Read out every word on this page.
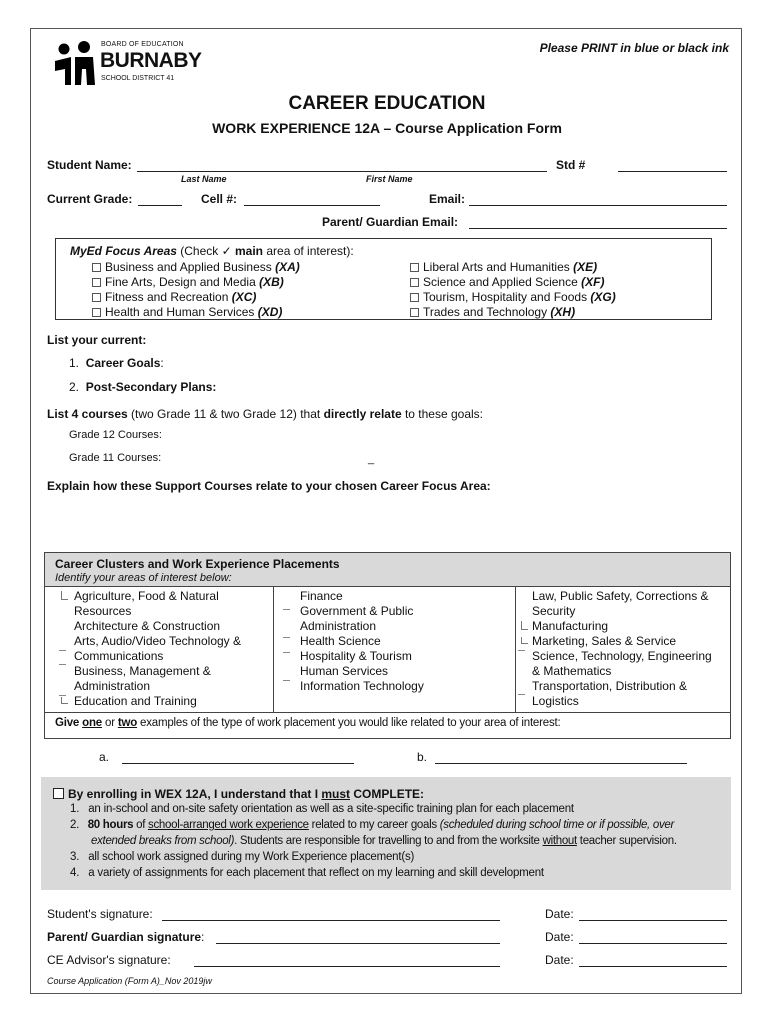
BOARD OF EDUCATION
BURNABY
SCHOOL DISTRICT 41
Please PRINT in blue or black ink
CAREER EDUCATION
WORK EXPERIENCE 12A – Course Application Form
Student Name:
Last Name	First Name
Std #
Current Grade:	Cell #:	Email:
Parent/ Guardian Email:
MyEd Focus Areas (Check ✓ main area of interest):
Business and Applied Business (XA)
Fine Arts, Design and Media (XB)
Fitness and Recreation (XC)
Health and Human Services (XD)
Liberal Arts and Humanities (XE)
Science and Applied Science (XF)
Tourism, Hospitality and Foods (XG)
Trades and Technology (XH)
List your current:
1. Career Goals:
2. Post-Secondary Plans:
List 4 courses (two Grade 11 & two Grade 12) that directly relate to these goals:
Grade 12 Courses:
Grade 11 Courses:	_
Explain how these Support Courses relate to your chosen Career Focus Area:
Career Clusters and Work Experience Placements
Identify your areas of interest below:
Agriculture, Food & Natural
Resources
Architecture & Construction
Arts, Audio/Video Technology &
Communications
Business, Management &
Administration
Education and Training
Finance
Government & Public
Administration
Health Science
Hospitality & Tourism
Human Services
Information Technology
Law, Public Safety, Corrections &
Security
Manufacturing
Marketing, Sales & Service
Science, Technology, Engineering
& Mathematics
Transportation, Distribution &
Logistics
Give one or two examples of the type of work placement you would like related to your area of interest:
a.	b.
By enrolling in WEX 12A, I understand that I must COMPLETE:
1. an in-school and on-site safety orientation as well as a site-specific training plan for each placement
2. 80 hours of school-arranged work experience related to my career goals (scheduled during school time or if possible, over
extended breaks from school). Students are responsible for travelling to and from the worksite without teacher supervision.
3. all school work assigned during my Work Experience placement(s)
4. a variety of assignments for each placement that reflect on my learning and skill development
Student's signature:	Date:
Parent/ Guardian signature:	Date:
CE Advisor's signature:	Date:
Course Application (Form A)_Nov 2019jw
